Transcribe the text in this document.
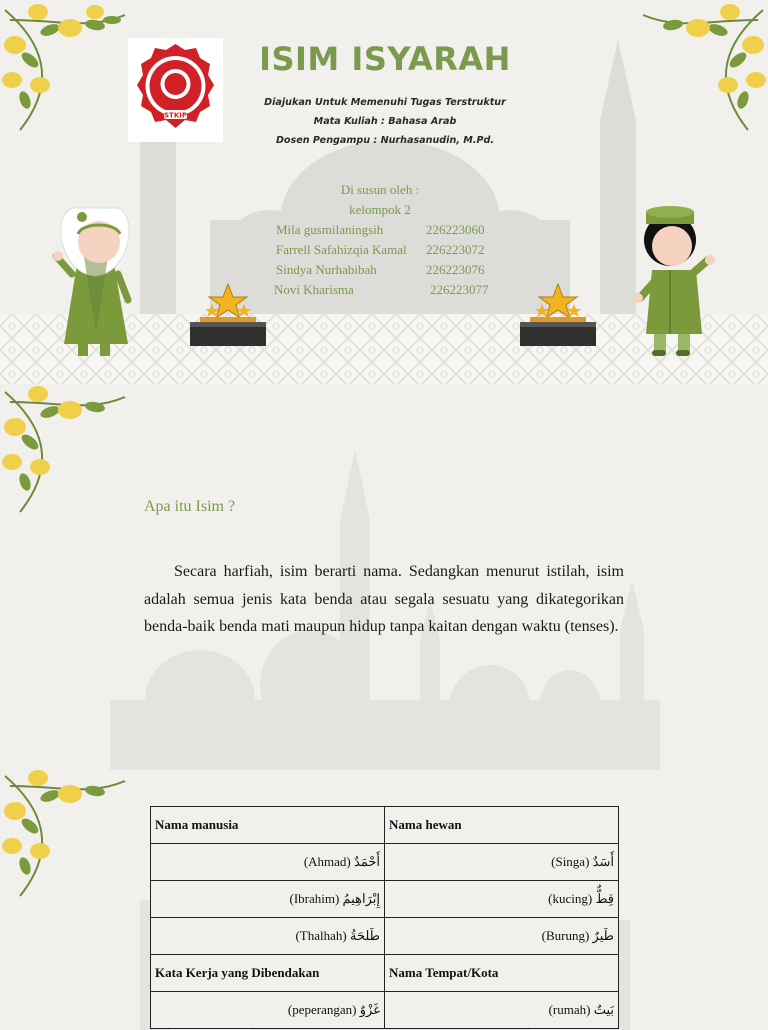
STKIP
ISIM ISYARAH
Diajukan Untuk Memenuhi Tugas Terstruktur
Mata Kuliah : Bahasa Arab
Dosen Pengampu : Nurhasanudin, M.Pd.
Di susun oleh :
kelompok 2
Mila gusmilaningsih	226223060
Farrell Safahizqia Kamal	226223072
Sindya Nurhabibah	226223076
Novi Kharisma	226223077
Apa itu Isim ?
Secara harfiah, isim berarti nama. Sedangkan menurut istilah, isim adalah semua jenis kata benda atau segala sesuatu yang dikategorikan benda-baik benda mati maupun hidup tanpa kaitan dengan waktu (tenses).
Nama manusia	Nama hewan
(Ahmad) أَحْمَدٌ	(Singa) أَسَدٌ
(Ibrahim) إِبْرَاهِيمُ	(kucing) قِطٌّ
(Thalhah) طَلحَةُ	(Burung) طَيرٌ
Kata Kerja yang Dibendakan	Nama Tempat/Kota
(peperangan) غَزْوٌ	(rumah) بَيتٌ
